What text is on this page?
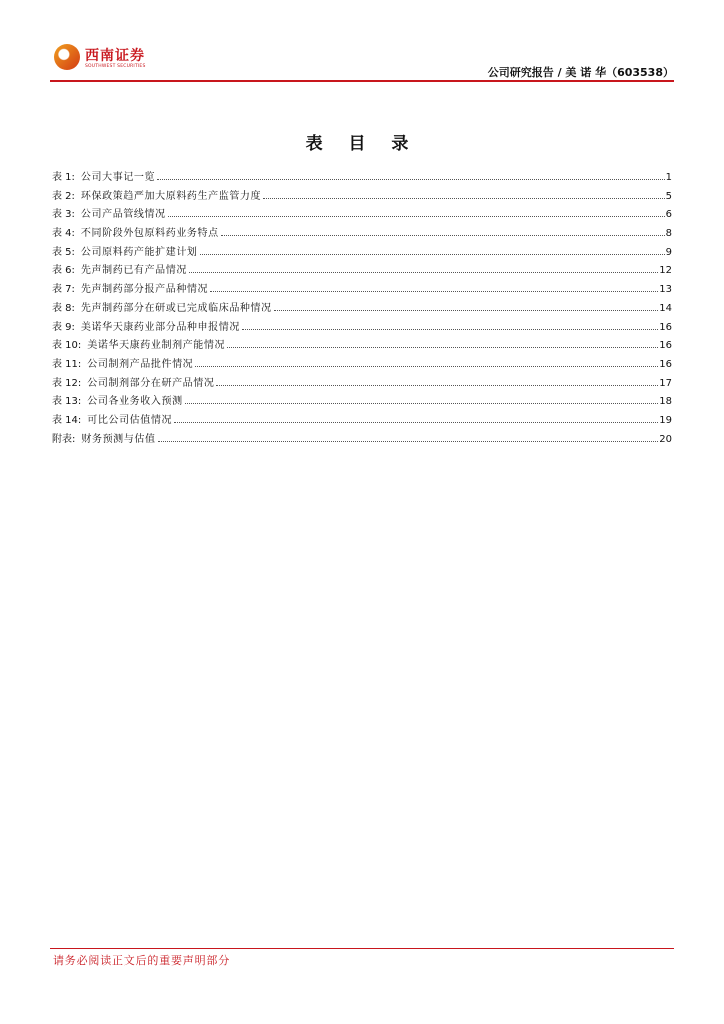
西南证券
SOUTHWEST SECURITIES	公司研究报告 / 美 诺 华（603538）
表 目 录
表 1: 公司大事记一览	1
表 2: 环保政策趋严加大原料药生产监管力度	5
表 3: 公司产品管线情况	6
表 4: 不同阶段外包原料药业务特点	8
表 5: 公司原料药产能扩建计划	9
表 6: 先声制药已有产品情况	12
表 7: 先声制药部分报产品种情况	13
表 8: 先声制药部分在研或已完成临床品种情况	14
表 9: 美诺华天康药业部分品种申报情况	16
表 10: 美诺华天康药业制剂产能情况	16
表 11: 公司制剂产品批件情况	16
表 12: 公司制剂部分在研产品情况	17
表 13: 公司各业务收入预测	18
表 14: 可比公司估值情况	19
附表: 财务预测与估值	20
请务必阅读正文后的重要声明部分
